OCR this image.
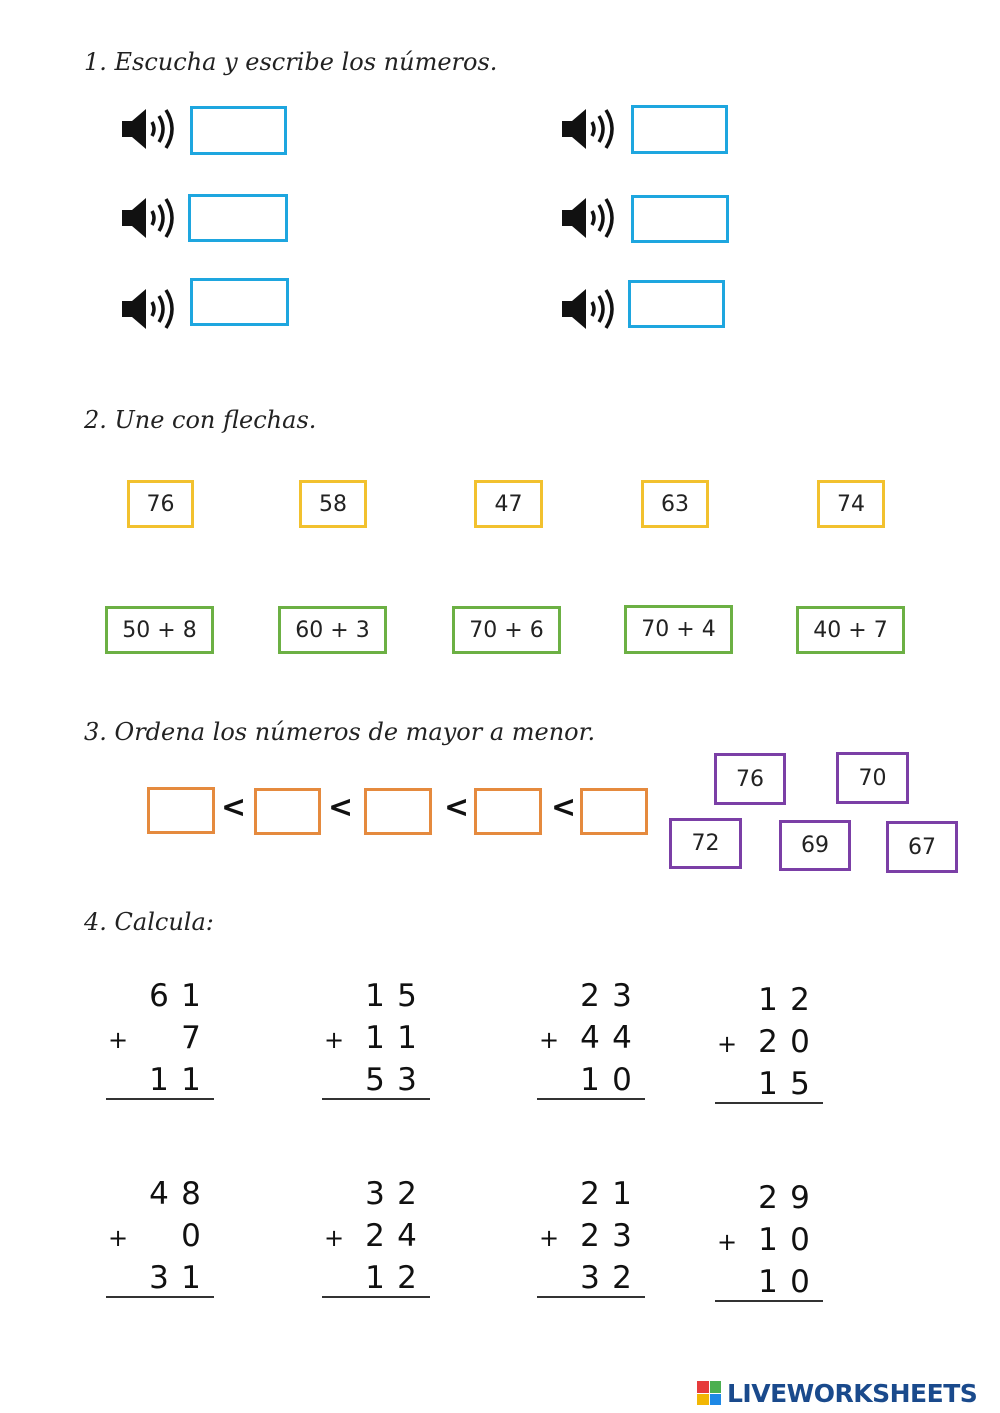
1. Escucha y escribe los números.
2. Une con flechas.
76	58	47	63	74
50 + 8	60 + 3	70 + 6	70 + 4	40 + 7
3. Ordena los números de mayor a menor.
<	<	<	<
76	70
72	69	67
4. Calcula:
6 1
+ 7
1 1
1 5
+ 1 1
5 3
2 3
+ 4 4
1 0
1 2
+ 2 0
1 5
4 8
+ 0
3 1
3 2
+ 2 4
1 2
2 1
+ 2 3
3 2
2 9
+ 1 0
1 0
LIVEWORKSHEETS
